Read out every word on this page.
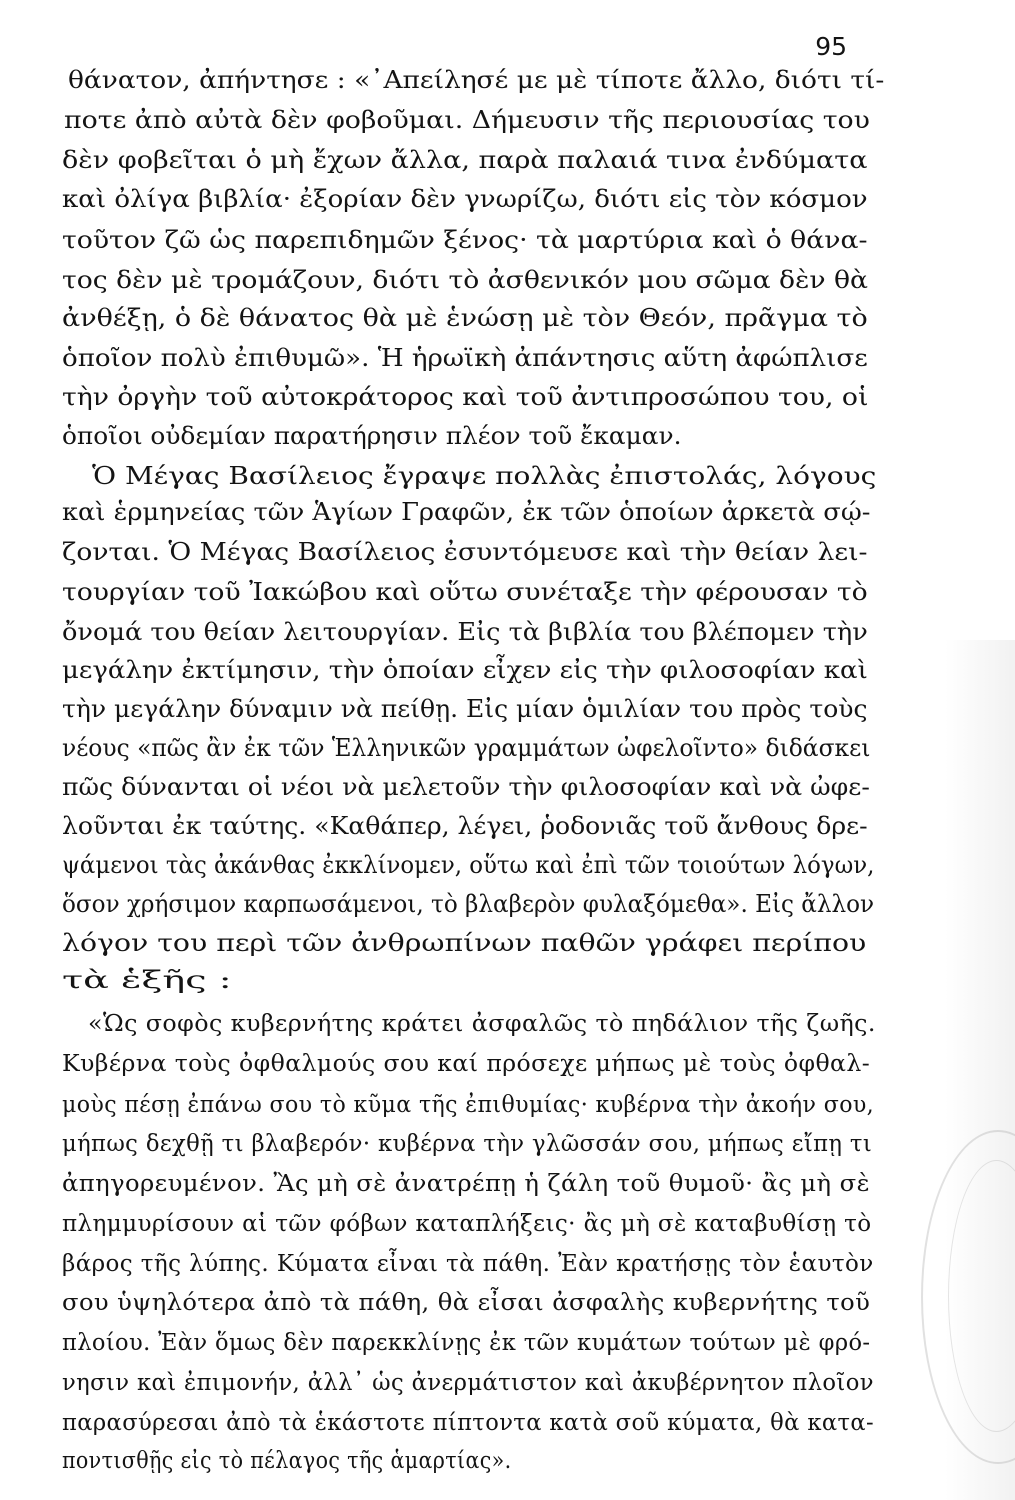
95

θάνατον, ἀπήντησε : «᾿Απείλησέ με μὲ τίποτε ἄλλο, διότι τί-

ποτε ἀπὸ αὐτὰ δὲν φοβοῦμαι. Δήμευσιν τῆς περιουσίας του

δὲν φοβεῖται ὁ μὴ ἔχων ἄλλα, παρὰ παλαιά τινα ἐνδύματα

καὶ ὀλίγα βιβλία· ἐξορίαν δὲν γνωρίζω, διότι εἰς τὸν κόσμον

τοῦτον ζῶ ὡς παρεπιδημῶν ξένος· τὰ μαρτύρια καὶ ὁ θάνα-

τος δὲν μὲ τρομάζουν, διότι τὸ ἀσθενικόν μου σῶμα δὲν θὰ

ἀνθέξῃ, ὁ δὲ θάνατος θὰ μὲ ἑνώσῃ μὲ τὸν Θεόν, πρᾶγμα τὸ

ὁποῖον πολὺ ἐπιθυμῶ». Ἡ ἡρωϊκὴ ἀπάντησις αὕτη ἀφώπλισε

τὴν ὀργὴν τοῦ αὐτοκράτορος καὶ τοῦ ἀντιπροσώπου του, οἱ

ὁποῖοι οὐδεμίαν παρατήρησιν πλέον τοῦ ἔκαμαν.

Ὁ Μέγας Βασίλειος ἔγραψε πολλὰς ἐπιστολάς, λόγους

καὶ ἑρμηνείας τῶν Ἁγίων Γραφῶν, ἐκ τῶν ὁποίων ἀρκετὰ σῴ-

ζονται. Ὁ Μέγας Βασίλειος ἐσυντόμευσε καὶ τὴν θείαν λει-

τουργίαν τοῦ Ἰακώβου καὶ οὕτω συνέταξε τὴν φέρουσαν τὸ

ὄνομά του θείαν λειτουργίαν. Εἰς τὰ βιβλία του βλέπομεν τὴν

μεγάλην ἐκτίμησιν, τὴν ὁποίαν εἶχεν εἰς τὴν φιλοσοφίαν καὶ

τὴν μεγάλην δύναμιν νὰ πείθῃ. Εἰς μίαν ὁμιλίαν του πρὸς τοὺς

νέους «πῶς ἂν ἐκ τῶν Ἑλληνικῶν γραμμάτων ὠφελοῖντο» διδάσκει

πῶς δύνανται οἱ νέοι νὰ μελετοῦν τὴν φιλοσοφίαν καὶ νὰ ὠφε-

λοῦνται ἐκ ταύτης. «Καθάπερ, λέγει, ῥοδονιᾶς τοῦ ἄνθους δρε-

ψάμενοι τὰς ἀκάνθας ἐκκλίνομεν, οὕτω καὶ ἐπὶ τῶν τοιούτων λόγων,

ὅσον χρήσιμον καρπωσάμενοι, τὸ βλαβερὸν φυλαξόμεθα». Εἰς ἄλλον

λόγον του περὶ τῶν ἀνθρωπίνων παθῶν γράφει περίπου

τὰ ἑξῆς :

«Ὡς σοφὸς κυβερνήτης κράτει ἀσφαλῶς τὸ πηδάλιον τῆς ζωῆς.

Κυβέρνα τοὺς ὀφθαλμούς σου καί πρόσεχε μήπως μὲ τοὺς ὀφθαλ-

μοὺς πέσῃ ἐπάνω σου τὸ κῦμα τῆς ἐπιθυμίας· κυβέρνα τὴν ἀκοήν σου,

μήπως δεχθῇ τι βλαβερόν· κυβέρνα τὴν γλῶσσάν σου, μήπως εἴπῃ τι

ἀπηγορευμένον. Ἂς μὴ σὲ ἀνατρέπῃ ἡ ζάλη τοῦ θυμοῦ· ἂς μὴ σὲ

πλημμυρίσουν αἱ τῶν φόβων καταπλήξεις· ἂς μὴ σὲ καταβυθίσῃ τὸ

βάρος τῆς λύπης. Κύματα εἶναι τὰ πάθη. Ἐὰν κρατήσῃς τὸν ἑαυτὸν

σου ὑψηλότερα ἀπὸ τὰ πάθη, θὰ εἶσαι ἀσφαλὴς κυβερνήτης τοῦ

πλοίου. Ἐὰν ὅμως δὲν παρεκκλίνῃς ἐκ τῶν κυμάτων τούτων μὲ φρό-

νησιν καὶ ἐπιμονήν, ἀλλ᾿ ὡς ἀνερμάτιστον καὶ ἀκυβέρνητον πλοῖον

παρασύρεσαι ἀπὸ τὰ ἑκάστοτε πίπτοντα κατὰ σοῦ κύματα, θὰ κατα-

ποντισθῇς εἰς τὸ πέλαγος τῆς ἁμαρτίας».
